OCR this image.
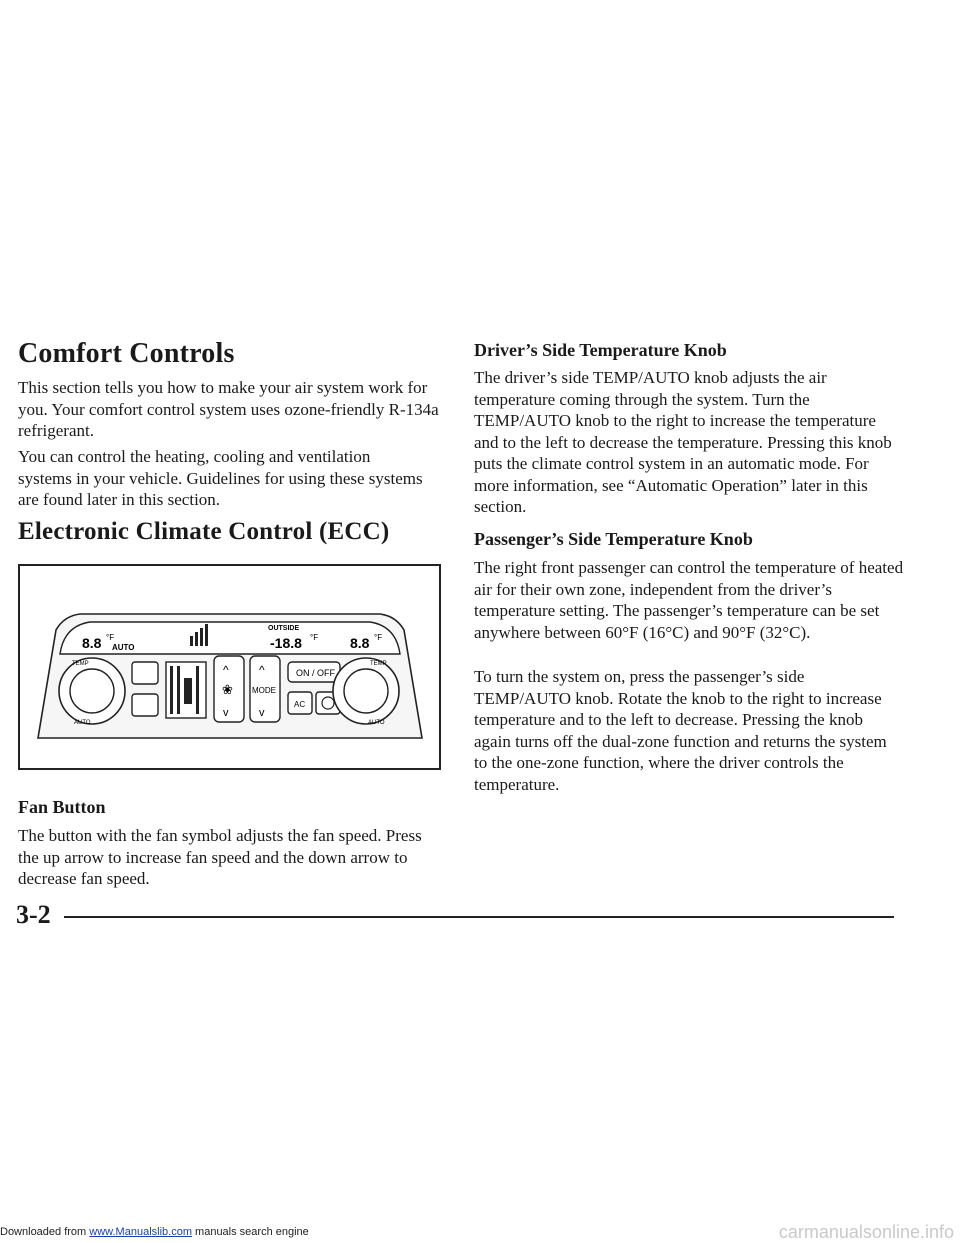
Comfort Controls

This section tells you how to make your air system work for you. Your comfort control system uses ozone-friendly R-134a refrigerant.

You can control the heating, cooling and ventilation systems in your vehicle. Guidelines for using these systems are found later in this section.

Electronic Climate Control (ECC)
8.8 °F
AUTO
OUTSIDE
-18.8 °F 8.8 °F
TEMP
AUTO
^
❀
v
^
MODE
v
ON / OFF
AC
TEMP
AUTO
Fan Button

The button with the fan symbol adjusts the fan speed. Press the up arrow to increase fan speed and the down arrow to decrease fan speed.

Driver’s Side Temperature Knob

The driver’s side TEMP/AUTO knob adjusts the air temperature coming through the system. Turn the TEMP/AUTO knob to the right to increase the temperature and to the left to decrease the temperature. Pressing this knob puts the climate control system in an automatic mode. For more information, see “Automatic Operation” later in this section.

Passenger’s Side Temperature Knob

The right front passenger can control the temperature of heated air for their own zone, independent from the driver’s temperature setting. The passenger’s temperature can be set anywhere between 60°F (16°C) and 90°F (32°C).

To turn the system on, press the passenger’s side TEMP/AUTO knob. Rotate the knob to the right to increase temperature and to the left to decrease. Pressing the knob again turns off the dual-zone function and returns the system to the one-zone function, where the driver controls the temperature.

3-2
Downloaded from www.Manualslib.com manuals search engine	carmanualsonline.info
